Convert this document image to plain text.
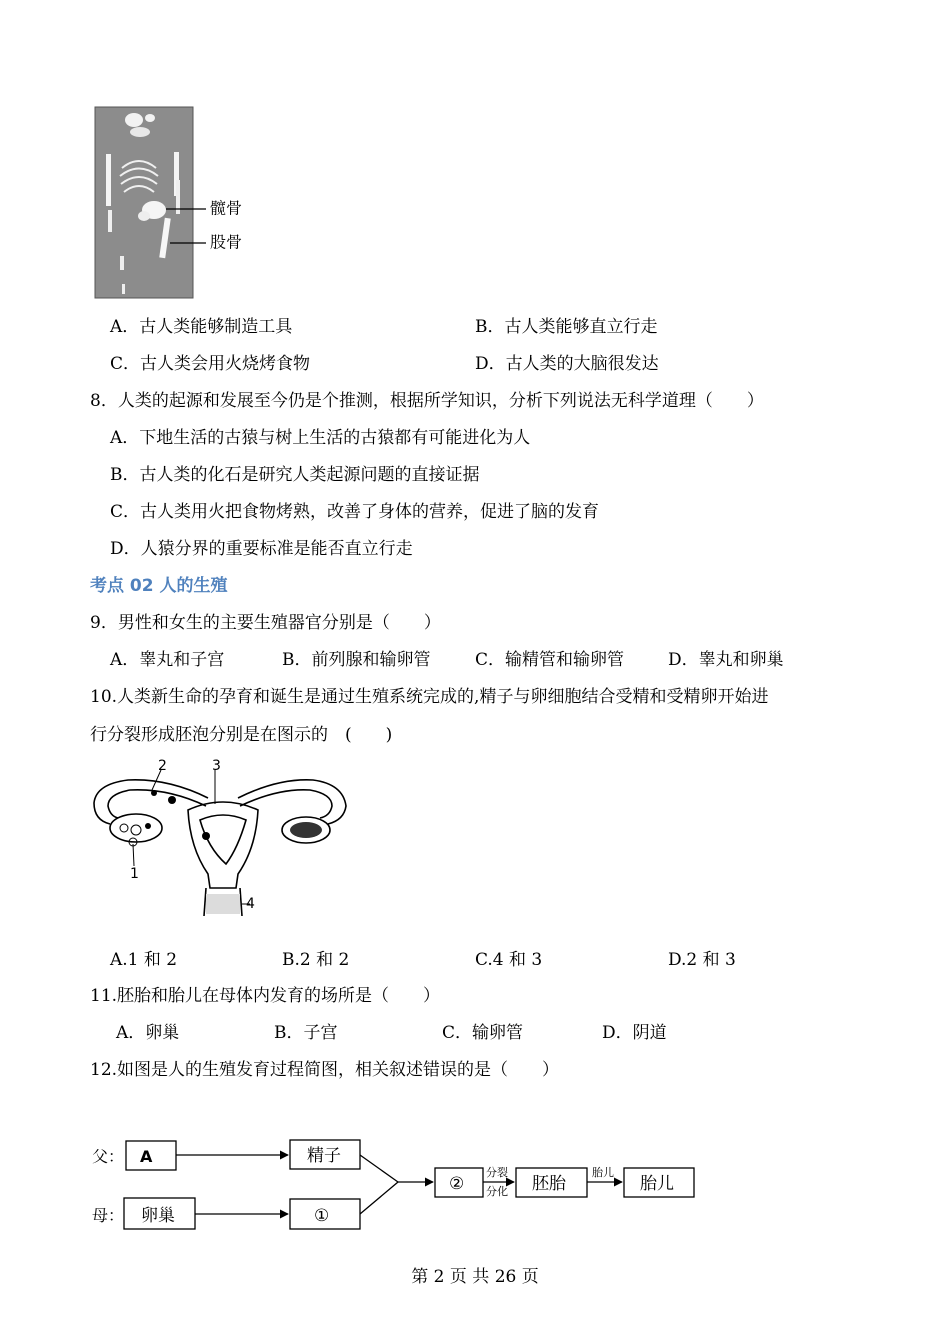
髋骨
股骨
A．古人类能够制造工具	B．古人类能够直立行走
C．古人类会用火烧烤食物	D．古人类的大脑很发达
8．人类的起源和发展至今仍是个推测，根据所学知识，分析下列说法无科学道理（　　）
A．下地生活的古猿与树上生活的古猿都有可能进化为人
B．古人类的化石是研究人类起源问题的直接证据
C．古人类用火把食物烤熟，改善了身体的营养，促进了脑的发育
D．人猿分界的重要标准是能否直立行走
考点 02 人的生殖
9．男性和女生的主要生殖器官分别是（　　）
A．睾丸和子宫	B．前列腺和输卵管	C．输精管和输卵管	D．睾丸和卵巢
10.人类新生命的孕育和诞生是通过生殖系统完成的,精子与卵细胞结合受精和受精卵开始进
行分裂形成胚泡分别是在图示的　(　　)
2	3
1
4
A.1 和 2	B.2 和 2	C.4 和 3	D.2 和 3
11.胚胎和胎儿在母体内发育的场所是（　　）
A．卵巢	B．子宫	C．输卵管	D．阴道
12.如图是人的生殖发育过程简图，相关叙述错误的是（　　）
父：
母：
A	精子
卵巢	①
②
分裂
分化 胚胎
胎儿
胎儿
第 2 页 共 26 页
